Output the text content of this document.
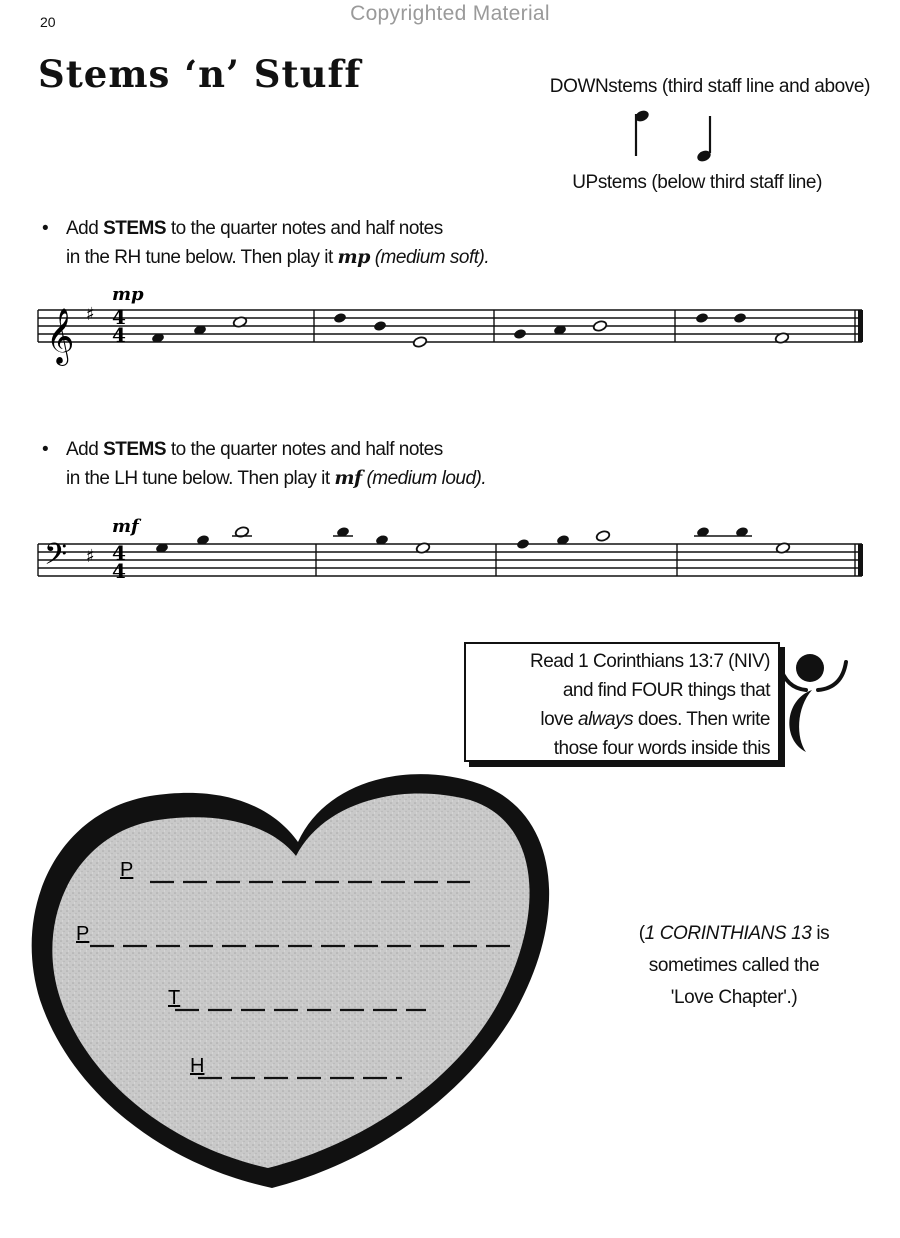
20	Copyrighted Material
Stems ‘n’ Stuff	DOWNstems (third staff line and above)
UPstems (below third staff line)
• Add STEMS to the quarter notes and half notes
in the RH tune below. Then play it mp (medium soft).
𝄞 ♯ 4
4
mp
• Add STEMS to the quarter notes and half notes
in the LH tune below. Then play it mf (medium loud).
𝄢 ♯ 4
4
mf
Read 1 Corinthians 13:7 (NIV)
and find FOUR things that
love always does. Then write
those four words inside this
P
P
T
H
(1 CORINTHIANS 13 is
sometimes called the
'Love Chapter'.)
